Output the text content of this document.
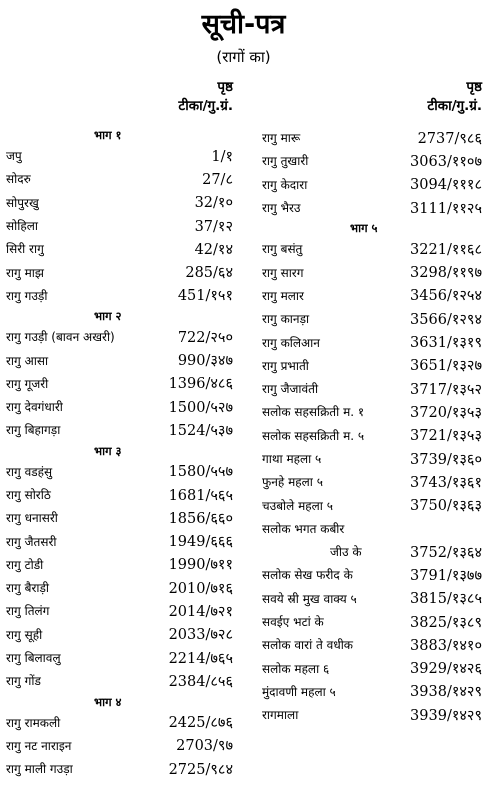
सूची-पत्र
(रागों का)
पृष्ठ
टीका/गु.ग्रं.
भाग १
जपु	1/१
सोदरु	27/८
सोपुरखु	32/१०
सोहिला	37/१२
सिरी रागु	42/१४
रागु माझ	285/६४
रागु गउड़ी	451/१५१
भाग २
रागु गउड़ी (बावन अखरी)	722/२५०
रागु आसा	990/३४७
रागु गूजरी	1396/४८६
रागु देवगंधारी	1500/५२७
रागु बिहागड़ा	1524/५३७
भाग ३
रागु वडहंसु	1580/५५७
रागु सोरठि	1681/५६५
रागु धनासरी	1856/६६०
रागु जैतसरी	1949/६६६
रागु टोडी	1990/७११
रागु बैराड़ी	2010/७१६
रागु तिलंग	2014/७२१
रागु सूही	2033/७२८
रागु बिलावलु	2214/७६५
रागु गोंड	2384/८५६
भाग ४
रागु रामकली	2425/८७६
रागु नट नाराइन	2703/९७
रागु माली गउड़ा	2725/९८४
पृष्ठ
टीका/गु.ग्रं.
रागु मारू	2737/९८६
रागु तुखारी	3063/११०७
रागु केदारा	3094/१११८
रागु भैरउ	3111/११२५
भाग ५
रागु बसंतु	3221/११६८
रागु सारग	3298/११९७
रागु मलार	3456/१२५४
रागु कानड़ा	3566/१२९४
रागु कलिआन	3631/१३१९
रागु प्रभाती	3651/१३२७
रागु जैजावंती	3717/१३५२
सलोक सहसक्रिती म. १	3720/१३५३
सलोक सहसक्रिती म. ५	3721/१३५३
गाथा महला ५	3739/१३६०
फुनहे महला ५	3743/१३६१
चउबोले महला ५	3750/१३६३
सलोक भगत कबीर
जीउ के	3752/१३६४
सलोक सेख फरीद के	3791/१३७७
सवये स्री मुख वाक्य ५	3815/१३८५
सवईए भटां के	3825/१३८९
सलोक वारां ते वधीक	3883/१४१०
सलोक महला ६	3929/१४२६
मुंदावणी महला ५	3938/१४२९
रागमाला	3939/१४२९
